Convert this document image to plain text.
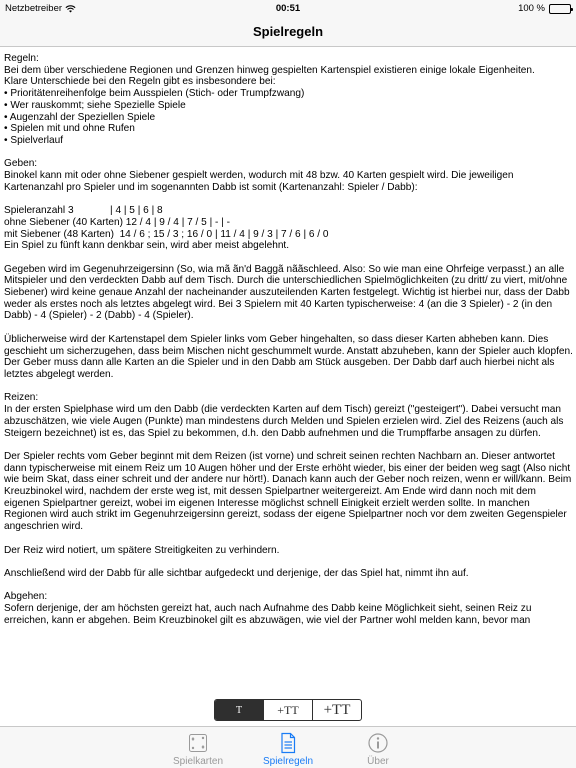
Netzbetreiber	00:51	100 %
Spielregeln
Regeln:
Bei dem über verschiedene Regionen und Grenzen hinweg gespielten Kartenspiel existieren einige lokale Eigenheiten.
Klare Unterschiede bei den Regeln gibt es insbesondere bei:
• Prioritätenreihenfolge beim Ausspielen (Stich- oder Trumpfzwang)
• Wer rauskommt; siehe Spezielle Spiele
• Augenzahl der Speziellen Spiele
• Spielen mit und ohne Rufen
• Spielverlauf

Geben:
Binokel kann mit oder ohne Siebener gespielt werden, wodurch mit 48 bzw. 40 Karten gespielt wird. Die jeweiligen Kartenanzahl pro Spieler und im sogenannten Dabb ist somit (Kartenanzahl: Spieler / Dabb):

Spieleranzahl 3             | 4 | 5 | 6 | 8
ohne Siebener (40 Karten) 12 / 4 | 9 / 4 | 7 / 5 | - | -
mit Siebener (48 Karten)  14 / 6 ; 15 / 3 ; 16 / 0 | 11 / 4 | 9 / 3 | 7 / 6 | 6 / 0
Ein Spiel zu fünft kann denkbar sein, wird aber meist abgelehnt.

Gegeben wird im Gegenuhrzeigersinn (So, wia mã ãn'd Baggã nããschleed. Also: So wie man eine Ohrfeige verpasst.) an alle Mitspieler und den verdeckten Dabb auf dem Tisch. Durch die unterschiedlichen Spielmöglichkeiten (zu dritt/ zu viert, mit/ohne Siebener) wird keine genaue Anzahl der nacheinander auszuteilenden Karten festgelegt. Wichtig ist hierbei nur, dass der Dabb weder als erstes noch als letztes abgelegt wird. Bei 3 Spielern mit 40 Karten typischerweise: 4 (an die 3 Spieler) - 2 (in den Dabb) - 4 (Spieler) - 2 (Dabb) - 4 (Spieler).

Üblicherweise wird der Kartenstapel dem Spieler links vom Geber hingehalten, so dass dieser Karten abheben kann. Dies geschieht um sicherzugehen, dass beim Mischen nicht geschummelt wurde. Anstatt abzuheben, kann der Spieler auch klopfen. Der Geber muss dann alle Karten an die Spieler und in den Dabb am Stück ausgeben. Der Dabb darf auch hierbei nicht als letztes abgelegt werden.

Reizen:
In der ersten Spielphase wird um den Dabb (die verdeckten Karten auf dem Tisch) gereizt ("gesteigert"). Dabei versucht man abzuschätzen, wie viele Augen (Punkte) man mindestens durch Melden und Spielen erzielen wird. Ziel des Reizens (auch als Steigern bezeichnet) ist es, das Spiel zu bekommen, d.h. den Dabb aufnehmen und die Trumpffarbe ansagen zu dürfen.

Der Spieler rechts vom Geber beginnt mit dem Reizen (ist vorne) und schreit seinen rechten Nachbarn an. Dieser antwortet dann typischerweise mit einem Reiz um 10 Augen höher und der Erste erhöht wieder, bis einer der beiden weg sagt (Also nicht wie beim Skat, dass einer schreit und der andere nur hört!). Danach kann auch der Geber noch reizen, wenn er will/kann. Beim Kreuzbinokel wird, nachdem der erste weg ist, mit dessen Spielpartner weitergereizt. Am Ende wird dann noch mit dem eigenen Spielpartner gereizt, wobei im eigenen Interesse möglichst schnell Einigkeit erzielt werden sollte. In manchen Regionen wird auch strikt im Gegenuhrzeigersinn gereizt, sodass der eigene Spielpartner noch vor dem zweiten Gegenspieler angeschrien wird.

Der Reiz wird notiert, um spätere Streitigkeiten zu verhindern.

Anschließend wird der Dabb für alle sichtbar aufgedeckt und derjenige, der das Spiel hat, nimmt ihn auf.

Abgehen:
Sofern derjenige, der am höchsten gereizt hat, auch nach Aufnahme des Dabb keine Möglichkeit sieht, seinen Reiz zu erreichen, kann er abgehen. Beim Kreuzbinokel gilt es abzuwägen, wie viel der Partner wohl melden kann, bevor man
T	+TT	+TT
Spielkarten	Spielregeln	Über
